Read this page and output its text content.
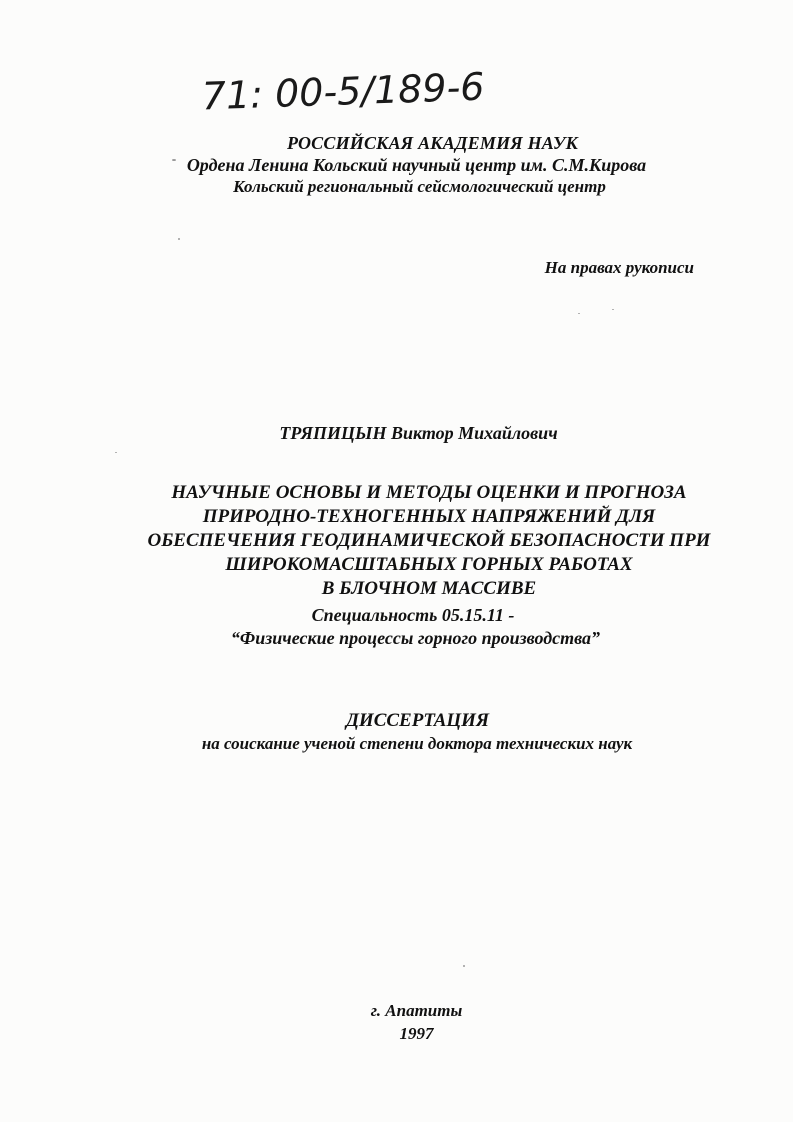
71: 00-5/189-6
РОССИЙСКАЯ АКАДЕМИЯ НАУК
Ордена Ленина Кольский научный центр им. С.М.Кирова
Кольский региональный сейсмологический центр
На правах рукописи
ТРЯПИЦЫН Виктор Михайлович
НАУЧНЫЕ ОСНОВЫ И МЕТОДЫ ОЦЕНКИ И ПРОГНОЗА
ПРИРОДНО-ТЕХНОГЕННЫХ НАПРЯЖЕНИЙ ДЛЯ
ОБЕСПЕЧЕНИЯ ГЕОДИНАМИЧЕСКОЙ БЕЗОПАСНОСТИ ПРИ
ШИРОКОМАСШТАБНЫХ ГОРНЫХ РАБОТАХ
В БЛОЧНОМ МАССИВЕ
Специальность 05.15.11 -
“Физические процессы горного производства”
ДИССЕРТАЦИЯ
на соискание ученой степени доктора технических наук
г. Апатиты
1997
